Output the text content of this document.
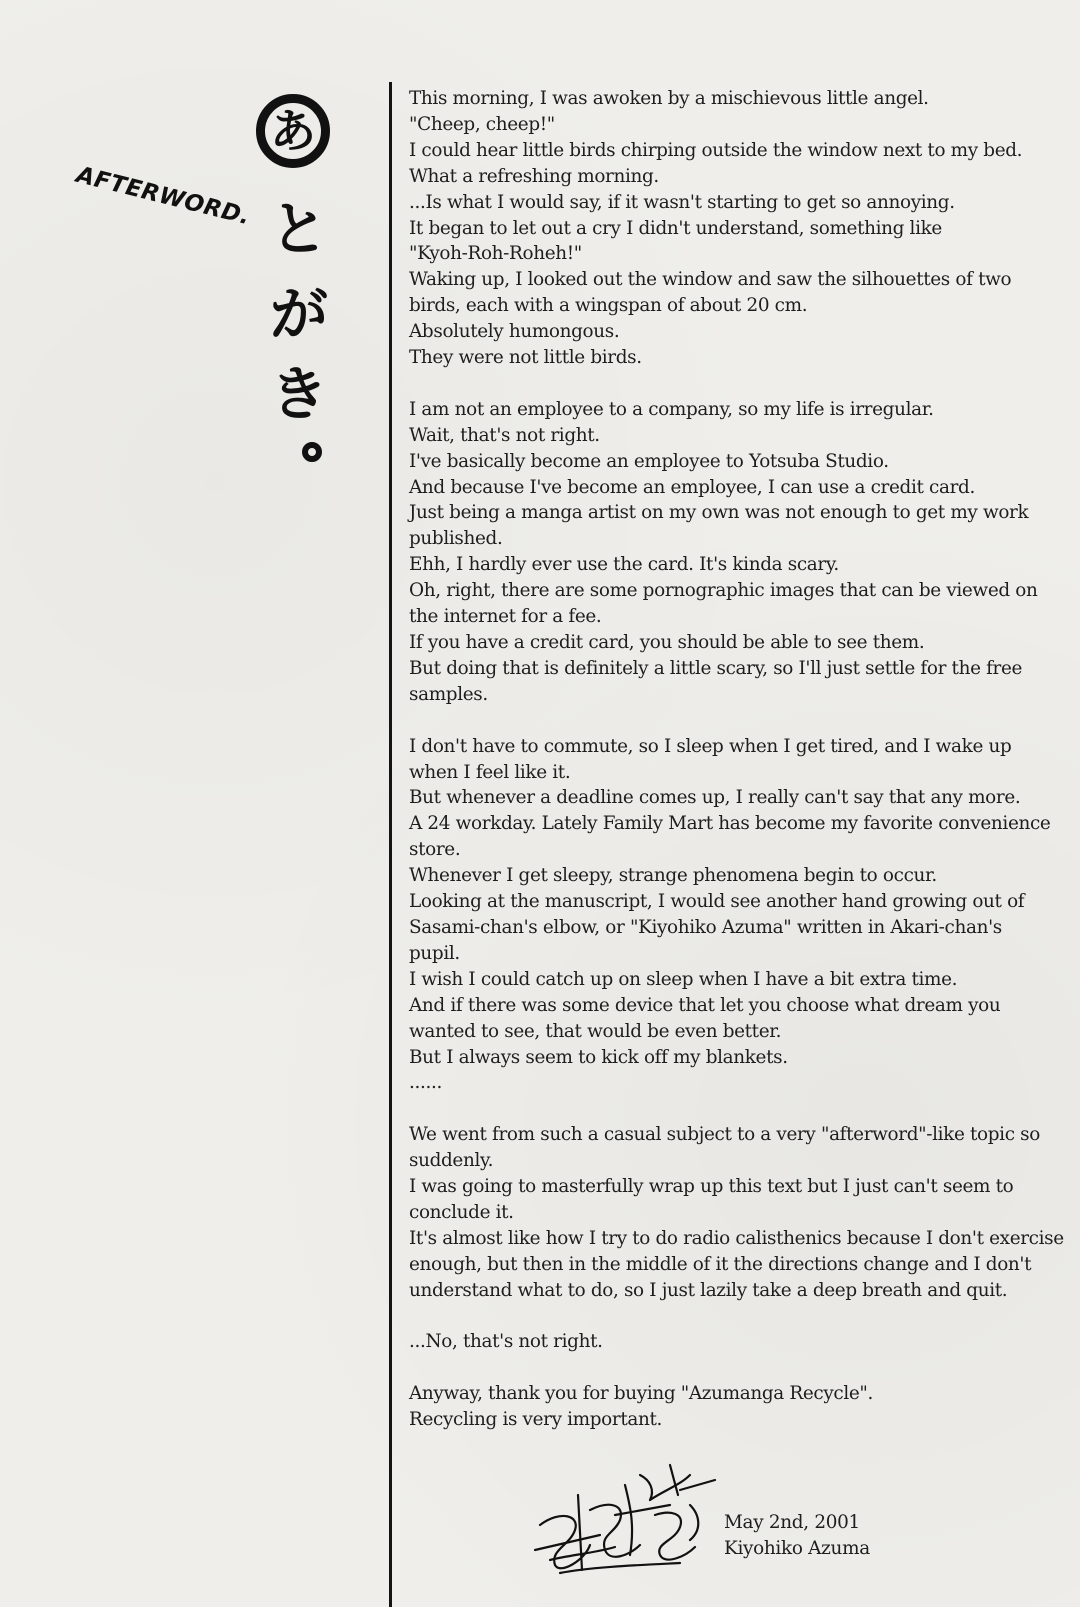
あ
AFTERWORD. と
が
き
This morning, I was awoken by a mischievous little angel.
"Cheep, cheep!"
I could hear little birds chirping outside the window next to my bed.
What a refreshing morning.
...Is what I would say, if it wasn't starting to get so annoying.
It began to let out a cry I didn't understand, something like
"Kyoh-Roh-Roheh!"
Waking up, I looked out the window and saw the silhouettes of two
birds, each with a wingspan of about 20 cm.
Absolutely humongous.
They were not little birds.
I am not an employee to a company, so my life is irregular.
Wait, that's not right.
I've basically become an employee to Yotsuba Studio.
And because I've become an employee, I can use a credit card.
Just being a manga artist on my own was not enough to get my work
published.
Ehh, I hardly ever use the card. It's kinda scary.
Oh, right, there are some pornographic images that can be viewed on
the internet for a fee.
If you have a credit card, you should be able to see them.
But doing that is definitely a little scary, so I'll just settle for the free
samples.
I don't have to commute, so I sleep when I get tired, and I wake up
when I feel like it.
But whenever a deadline comes up, I really can't say that any more.
A 24 workday. Lately Family Mart has become my favorite convenience
store.
Whenever I get sleepy, strange phenomena begin to occur.
Looking at the manuscript, I would see another hand growing out of
Sasami-chan's elbow, or "Kiyohiko Azuma" written in Akari-chan's
pupil.
I wish I could catch up on sleep when I have a bit extra time.
And if there was some device that let you choose what dream you
wanted to see, that would be even better.
But I always seem to kick off my blankets.
......
We went from such a casual subject to a very "afterword"-like topic so
suddenly.
I was going to masterfully wrap up this text but I just can't seem to
conclude it.
It's almost like how I try to do radio calisthenics because I don't exercise
enough, but then in the middle of it the directions change and I don't
understand what to do, so I just lazily take a deep breath and quit.
...No, that's not right.
Anyway, thank you for buying "Azumanga Recycle".
Recycling is very important.
May 2nd, 2001
Kiyohiko Azuma
